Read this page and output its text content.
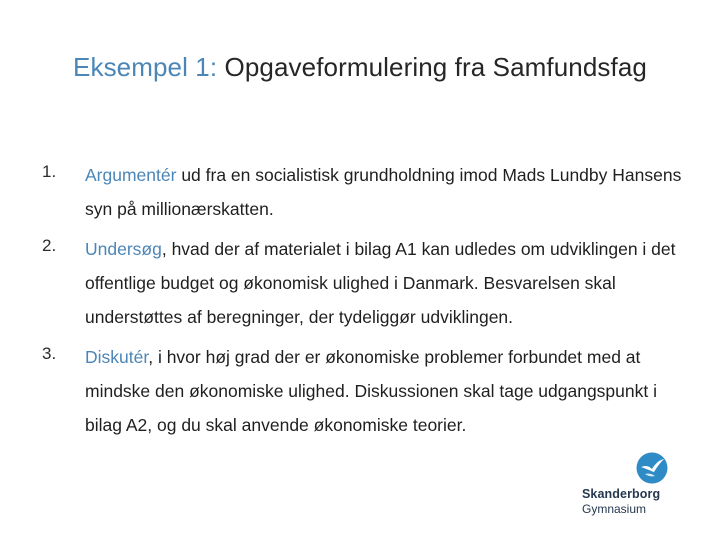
Eksempel 1: Opgaveformulering fra Samfundsfag
1. Argumentér ud fra en socialistisk grundholdning imod Mads Lundby Hansens syn på millionærskatten.
2. Undersøg, hvad der af materialet i bilag A1 kan udledes om udviklingen i det offentlige budget og økonomisk ulighed i Danmark. Besvarelsen skal understøttes af beregninger, der tydeliggør udviklingen.
3. Diskutér, i hvor høj grad der er økonomiske problemer forbundet med at mindske den økonomiske ulighed. Diskussionen skal tage udgangspunkt i bilag A2, og du skal anvende økonomiske teorier.
Skanderborg
Gymnasium
